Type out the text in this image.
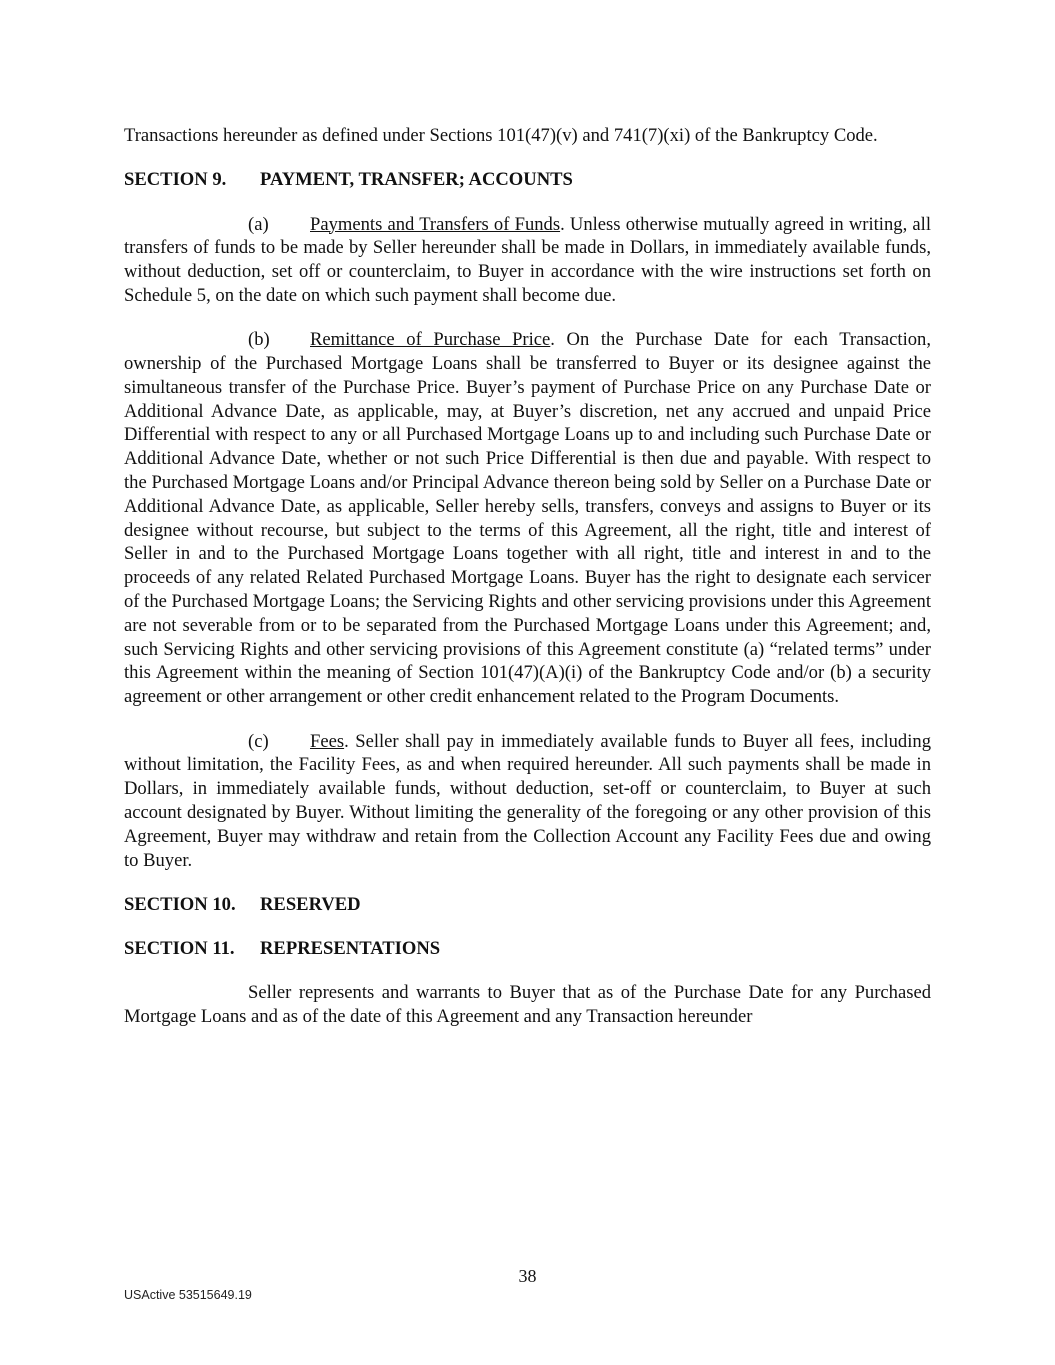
Transactions hereunder as defined under Sections 101(47)(v) and 741(7)(xi) of the Bankruptcy Code.

SECTION 9. PAYMENT, TRANSFER; ACCOUNTS

(a) Payments and Transfers of Funds. Unless otherwise mutually agreed in writing, all transfers of funds to be made by Seller hereunder shall be made in Dollars, in immediately available funds, without deduction, set off or counterclaim, to Buyer in accordance with the wire instructions set forth on Schedule 5, on the date on which such payment shall become due.

(b) Remittance of Purchase Price. On the Purchase Date for each Transaction, ownership of the Purchased Mortgage Loans shall be transferred to Buyer or its designee against the simultaneous transfer of the Purchase Price. Buyer’s payment of Purchase Price on any Purchase Date or Additional Advance Date, as applicable, may, at Buyer’s discretion, net any accrued and unpaid Price Differential with respect to any or all Purchased Mortgage Loans up to and including such Purchase Date or Additional Advance Date, whether or not such Price Differential is then due and payable. With respect to the Purchased Mortgage Loans and/or Principal Advance thereon being sold by Seller on a Purchase Date or Additional Advance Date, as applicable, Seller hereby sells, transfers, conveys and assigns to Buyer or its designee without recourse, but subject to the terms of this Agreement, all the right, title and interest of Seller in and to the Purchased Mortgage Loans together with all right, title and interest in and to the proceeds of any related Related Purchased Mortgage Loans. Buyer has the right to designate each servicer of the Purchased Mortgage Loans; the Servicing Rights and other servicing provisions under this Agreement are not severable from or to be separated from the Purchased Mortgage Loans under this Agreement; and, such Servicing Rights and other servicing provisions of this Agreement constitute (a) “related terms” under this Agreement within the meaning of Section 101(47)(A)(i) of the Bankruptcy Code and/or (b) a security agreement or other arrangement or other credit enhancement related to the Program Documents.

(c) Fees. Seller shall pay in immediately available funds to Buyer all fees, including without limitation, the Facility Fees, as and when required hereunder. All such payments shall be made in Dollars, in immediately available funds, without deduction, set-off or counterclaim, to Buyer at such account designated by Buyer. Without limiting the generality of the foregoing or any other provision of this Agreement, Buyer may withdraw and retain from the Collection Account any Facility Fees due and owing to Buyer.

SECTION 10. RESERVED

SECTION 11. REPRESENTATIONS

Seller represents and warrants to Buyer that as of the Purchase Date for any Purchased Mortgage Loans and as of the date of this Agreement and any Transaction hereunder

38
USActive 53515649.19
